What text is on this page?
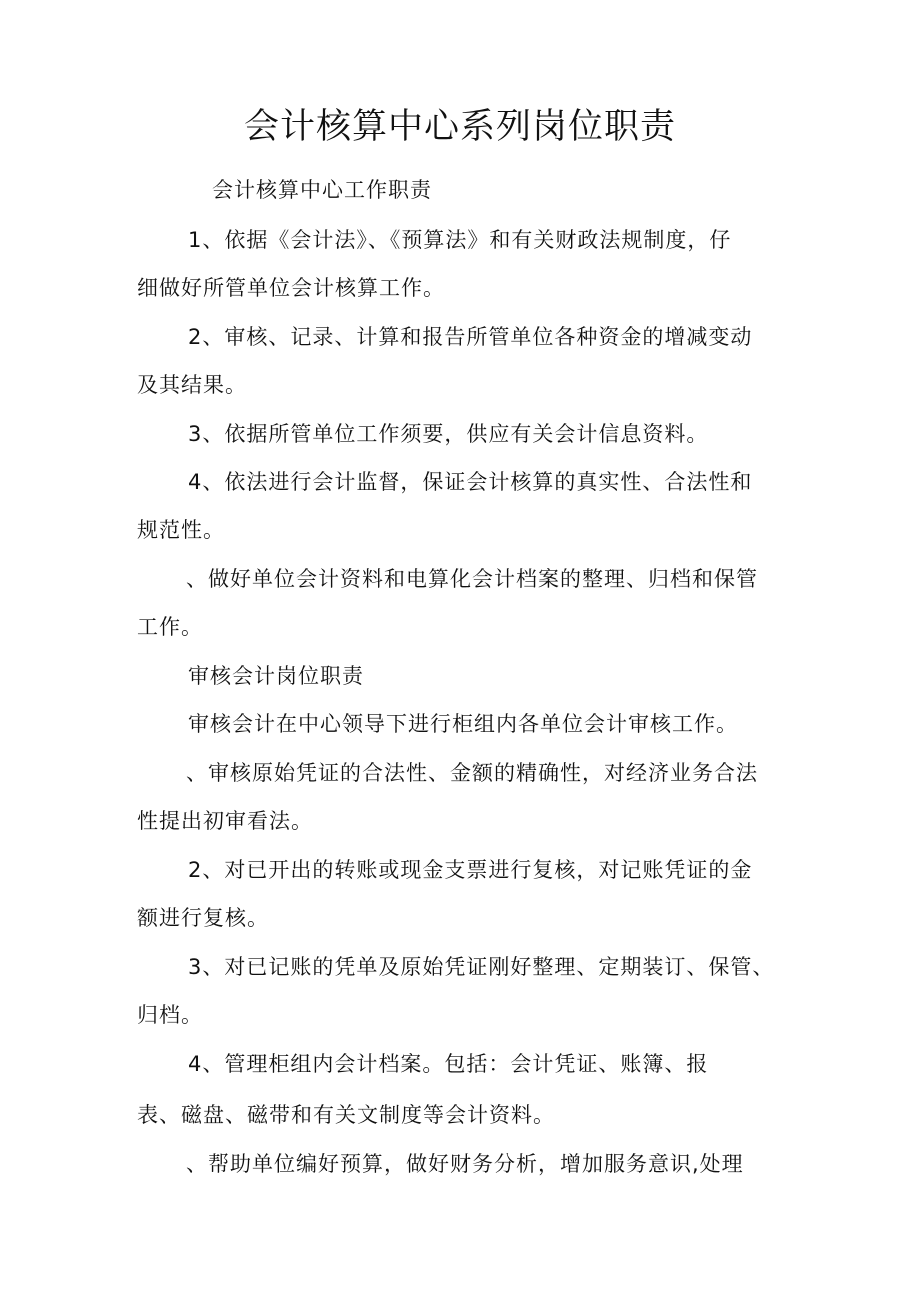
会计核算中心系列岗位职责
会计核算中心工作职责
1、依据《会计法》、《预算法》和有关财政法规制度，仔
细做好所管单位会计核算工作。
2、审核、记录、计算和报告所管单位各种资金的增减变动
及其结果。
3、依据所管单位工作须要，供应有关会计信息资料。
4、依法进行会计监督，保证会计核算的真实性、合法性和
规范性。
、做好单位会计资料和电算化会计档案的整理、归档和保管
工作。
审核会计岗位职责
审核会计在中心领导下进行柜组内各单位会计审核工作。
、审核原始凭证的合法性、金额的精确性，对经济业务合法
性提出初审看法。
2、对已开出的转账或现金支票进行复核，对记账凭证的金
额进行复核。
3、对已记账的凭单及原始凭证刚好整理、定期装订、保管、
归档。
4、管理柜组内会计档案。包括：会计凭证、账簿、报
表、磁盘、磁带和有关文制度等会计资料。
、帮助单位编好预算，做好财务分析，增加服务意识,处理
